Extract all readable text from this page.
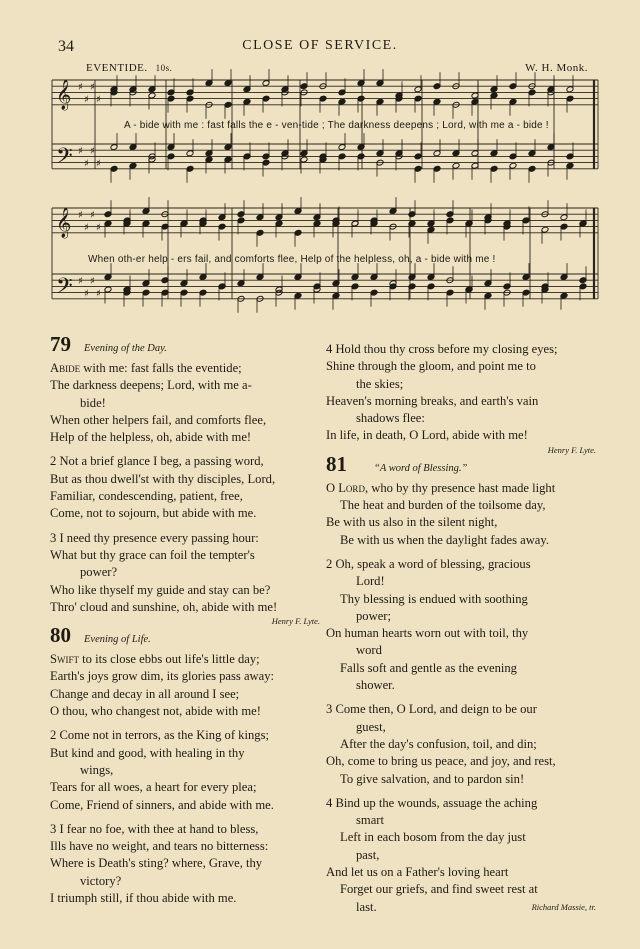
34	CLOSE OF SERVICE.
EVENTIDE. 10s.	W. H. Monk.
𝄞 ♯
♯
♯
♯
𝄢 ♯
♯
♯
♯
𝄞 ♯
♯
♯
♯
𝄢 ♯
♯
♯
♯
A - bide with me : fast falls the e - ven-tide ; The darkness deepens ; Lord, with me a - bide !
When oth-er help - ers fail, and comforts flee, Help of the helpless, oh, a - bide with me !
79 Evening of the Day.
Abide with me: fast falls the eventide;
The darkness deepens; Lord, with me a-
bide!
When other helpers fail, and comforts flee,
Help of the helpless, oh, abide with me!
2 Not a brief glance I beg, a passing word,
But as thou dwell'st with thy disciples, Lord,
Familiar, condescending, patient, free,
Come, not to sojourn, but abide with me.
3 I need thy presence every passing hour:
What but thy grace can foil the tempter's
power?
Who like thyself my guide and stay can be?
Thro' cloud and sunshine, oh, abide with me!
Henry F. Lyte.
80 Evening of Life.
Swift to its close ebbs out life's little day;
Earth's joys grow dim, its glories pass away:
Change and decay in all around I see;
O thou, who changest not, abide with me!
2 Come not in terrors, as the King of kings;
But kind and good, with healing in thy
wings,
Tears for all woes, a heart for every plea;
Come, Friend of sinners, and abide with me.
3 I fear no foe, with thee at hand to bless,
Ills have no weight, and tears no bitterness:
Where is Death's sting? where, Grave, thy
victory?
I triumph still, if thou abide with me.
4 Hold thou thy cross before my closing eyes;
Shine through the gloom, and point me to
the skies;
Heaven's morning breaks, and earth's vain
shadows flee:
In life, in death, O Lord, abide with me!
Henry F. Lyte.
81	“A word of Blessing.”
O Lord, who by thy presence hast made light
The heat and burden of the toilsome day,
Be with us also in the silent night,
Be with us when the daylight fades away.
2 Oh, speak a word of blessing, gracious
Lord!
Thy blessing is endued with soothing
power;
On human hearts worn out with toil, thy
word
Falls soft and gentle as the evening
shower.
3 Come then, O Lord, and deign to be our
guest,
After the day's confusion, toil, and din;
Oh, come to bring us peace, and joy, and rest,
To give salvation, and to pardon sin!
4 Bind up the wounds, assuage the aching
smart
Left in each bosom from the day just
past,
And let us on a Father's loving heart
Forget our griefs, and find sweet rest at
last.	Richard Massie, tr.
